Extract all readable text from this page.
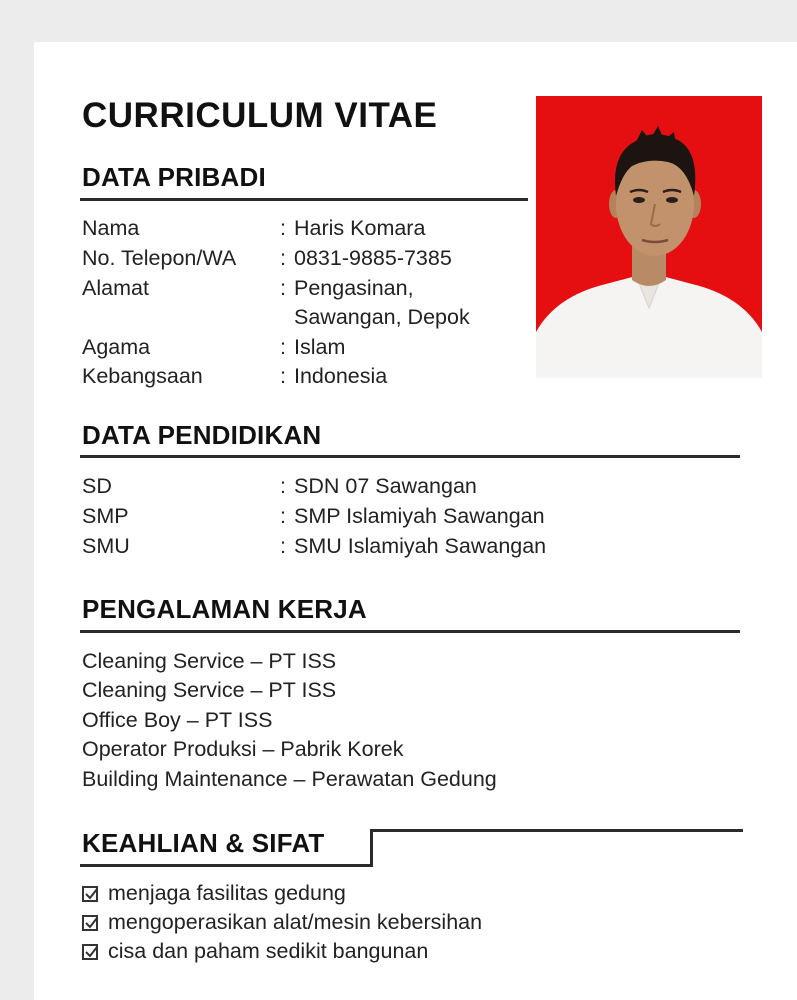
CURRICULUM VITAE
DATA PRIBADI
Nama	: Haris Komara
No. Telepon/WA : 0831-9885-7385
Alamat	: Pengasinan,
Sawangan, Depok
Agama	: Islam
Kebangsaan	: Indonesia
DATA PENDIDIKAN
SD	: SDN 07 Sawangan
SMP	: SMP Islamiyah Sawangan
SMU	: SMU Islamiyah Sawangan
PENGALAMAN KERJA
Cleaning Service – PT ISS
Cleaning Service – PT ISS
Office Boy – PT ISS
Operator Produksi – Pabrik Korek
Building Maintenance – Perawatan Gedung
KEAHLIAN & SIFAT
menjaga fasilitas gedung
mengoperasikan alat/mesin kebersihan
cisa dan paham sedikit bangunan
